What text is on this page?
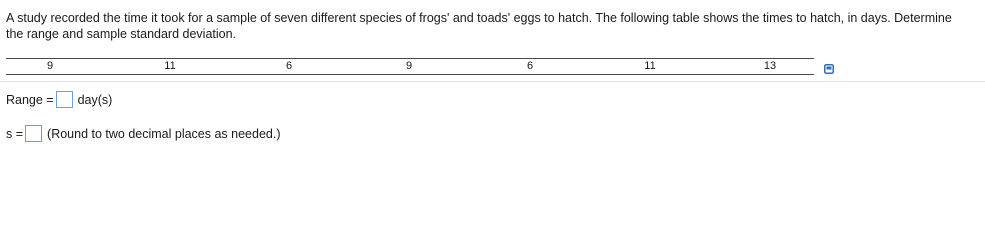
A study recorded the time it took for a sample of seven different species of frogs' and toads' eggs to hatch. The following table shows the times to hatch, in days. Determine
the range and sample standard deviation.
9	11	6	9	6	11	13
Range = day(s)
s = (Round to two decimal places as needed.)
